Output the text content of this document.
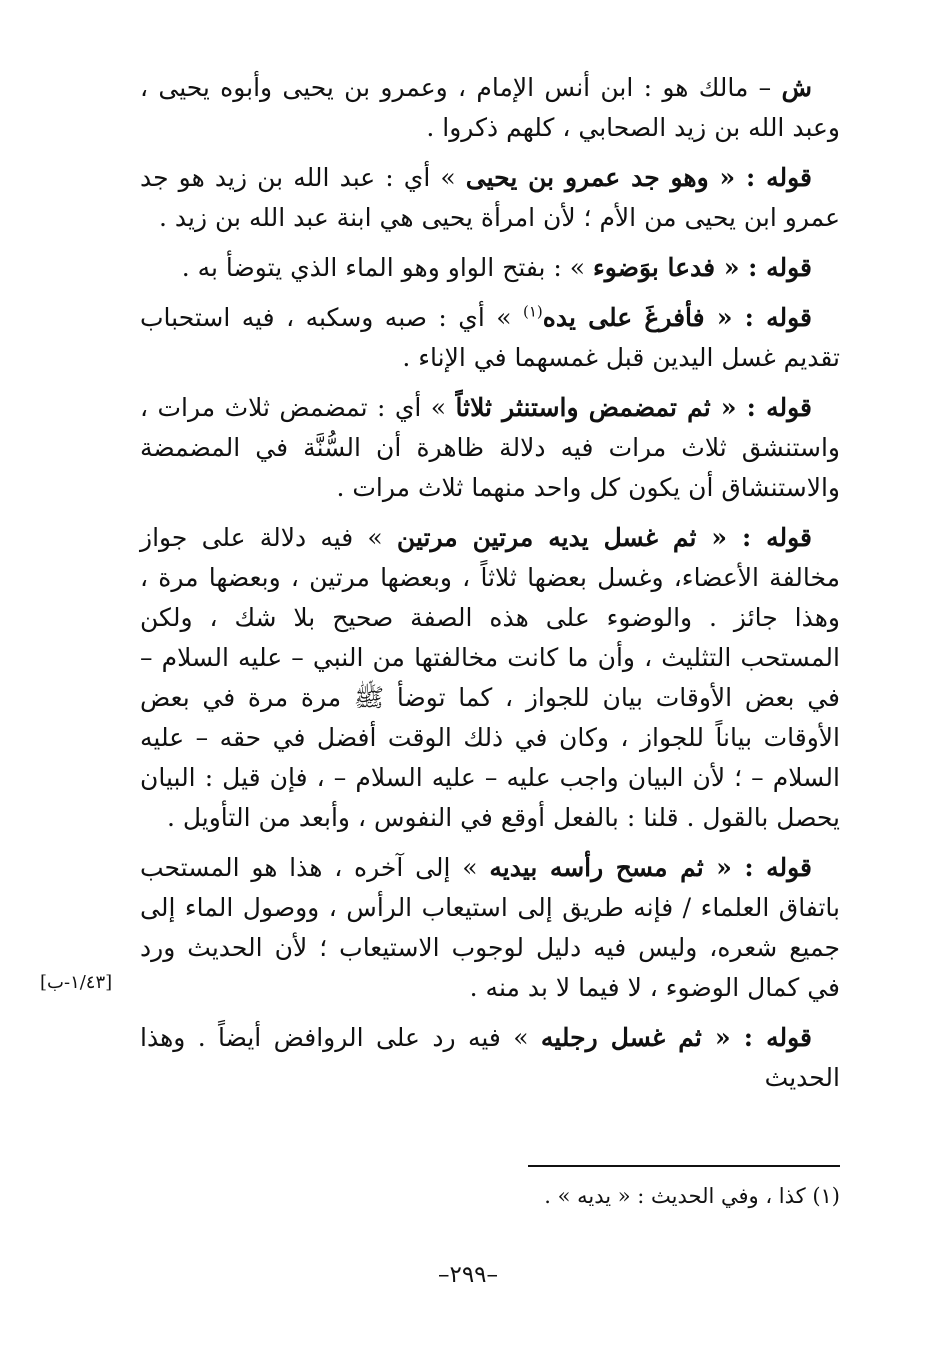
ش – مالك هو : ابن أنس الإمام ، وعمرو بن يحيى وأبوه يحيى ، وعبد الله بن زيد الصحابي ، كلهم ذكروا .

قوله : « وهو جد عمرو بن يحيى » أي : عبد الله بن زيد هو جد عمرو ابن يحيى من الأم ؛ لأن امرأة يحيى هي ابنة عبد الله بن زيد .

قوله : « فدعا بوَضوء » : بفتح الواو وهو الماء الذي يتوضأ به .

قوله : « فأفرغَ على يده$^{(١)}$ » أي : صبه وسكبه ، فيه استحباب تقديم غسل اليدين قبل غمسهما في الإناء .

قوله : « ثم تمضمض واستنثر ثلاثاً » أي : تمضمض ثلاث مرات ، واستنشق ثلاث مرات فيه دلالة ظاهرة أن السُّنَّة في المضمضة والاستنشاق أن يكون كل واحد منهما ثلاث مرات .

قوله : « ثم غسل يديه مرتين مرتين » فيه دلالة على جواز مخالفة الأعضاء، وغسل بعضها ثلاثاً ، وبعضها مرتين ، وبعضها مرة ، وهذا جائز . والوضوء على هذه الصفة صحيح بلا شك ، ولكن المستحب التثليث ، وأن ما كانت مخالفتها من النبي – عليه السلام – في بعض الأوقات بيان للجواز ، كما توضأ ﷺ مرة مرة في بعض الأوقات بياناً للجواز ، وكان في ذلك الوقت أفضل في حقه – عليه السلام – ؛ لأن البيان واجب عليه – عليه السلام – ، فإن قيل : البيان يحصل بالقول . قلنا : بالفعل أوقع في النفوس ، وأبعد من التأويل .

قوله : « ثم مسح رأسه بيديه » إلى آخره ، هذا هو المستحب باتفاق العلماء / فإنه طريق إلى استيعاب الرأس ، ووصول الماء إلى جميع شعره، وليس فيه دليل لوجوب الاستيعاب ؛ لأن الحديث ورد في كمال الوضوء ، لا فيما لا بد منه .

قوله : « ثم غسل رجليه » فيه رد على الروافض أيضاً . وهذا الحديث

[١/٤٣-ب]
(١) كذا ، وفي الحديث : « يديه » .
–٢٩٩–
